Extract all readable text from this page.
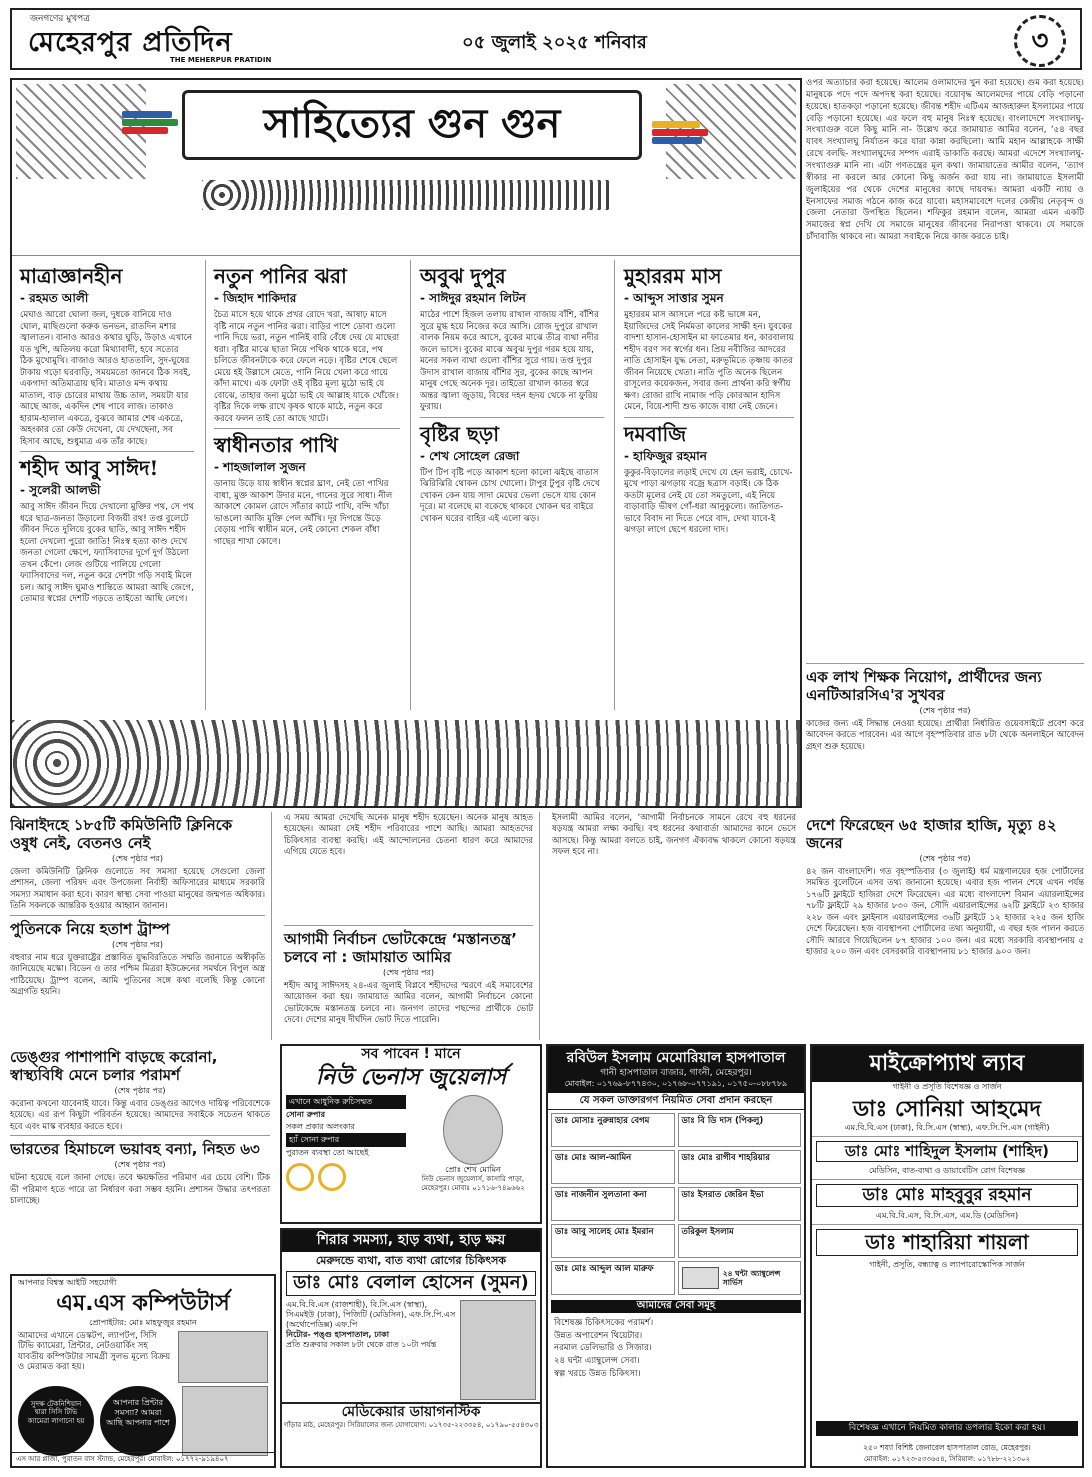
জনগণের মুখপত্র
মেহেরপুর প্রতিদিন
THE MEHERPUR PRATIDIN
০৫ জুলাই ২০২৫ শনিবার	৩
সাহিত্যের গুন গুন
মাত্রাজ্ঞানহীন
- রহমত আলী

মেঘাও আরো ঘোলা জল, দুধকে বানিয়ে দাও ঘোল, মাছিগুলো করুক ভনভন, রাতদিন মশার জ্বালাতন। বানাও আরও কথার ঘুড়ি, উড়াও এখানে যত খুশি, অতিলয় করো মিথ্যাবাদী, হবে সত্যের ঠিক মুখোমুখি। বাজাও আরও হাততালি, সুদ-ঘুষের টাকায় গড়ো ঘরবাড়ি, সময়মতো জানবে ঠিক সবই, একগাদা অতিমাত্রায় ছবি। মাতাও মন্দ কথায় মাতাল, বাড় চোরের মাথায় উচ্চ তাল, সময়টা যার আছে আজ, একদিন শেষ পাবে লাজ। তাকাও হারাম-হালাল একত্রে, বুঝবে আমার শেষ একত্রে, অহংকার তো কেউ দেখেনা, যে দেখছেনা, সব হিসাব আছে, শুধুমাত্র এক তাঁর কাছে।

শহীদ আবু সাঈদ!
- সুলেরী আলভী

আবু সাঈদ জীবন দিয়ে দেখালো মুক্তির পথ, সে পথ ধরে ছাত্র-জনতা উড়ালো বিজয়ী রথ! তপ্ত বুলেটে জীবন দিতে দুলিয়ে বুকের ছাতি, আবু সাঈদ শহীদ হলো দেখলো পুরো জাতি! নিঃস্ব হত্যা কাণ্ড দেখে জনতা গেলো ক্ষেপে, ফ্যাসিবাদের দুর্গে দুর্গ উঠলো তখন কেঁপে। লেজ গুটিয়ে পালিয়ে গেলো ফ্যাসিবাদের দল, নতুন করে দেশটা গড়ি সবাই মিলে চল। আবু সাঈদ ঘুমাও শান্তিতে আমরা আছি জেগে, তোমার স্বপ্নের দেশটি গড়তে তাইতো আছি লেগে।

নতুন পানির ঝরা
- জিহাদ শাকিদার

চৈত্র মাসে হয়ে থাকে প্রখর রোদে খরা, আষাঢ় মাসে বৃষ্টি নামে নতুন পানির ঝরা। বাড়ির পাশে ডোবা গুলো পানি দিয়ে ভরা, নতুন পানিই বারি বেঁধে দেয় যে মাছেরা ধরা। বৃষ্টির মাঝে ছাতা নিয়ে পথিক থাকে ঘরে, পথ চলিতে জীবনটাকে করে ফেলে নড়ে। বৃষ্টির শেষে ছেলে মেয়ে হই উল্লাসে মেতে, পানি নিয়ে খেলা করে গায়ে কাঁদা মাখে। এক ফোটা ওই বৃষ্টির মূল্য মুঠো ভাই যে বোঝে, তাহার জন্য মুঠো ভাই যে আল্লাহ যাকে খোঁজে। বৃষ্টির দিকে লক্ষ রাখে কৃষক থাকে মাঠে, নতুন করে করবে ফলন তাই তো আছে খাটে।

স্বাধীনতার পাখি
- শাহজালাল সুজন

ডানায় উড়ে যায় স্বাধীন স্বপ্নের ঘ্রাণ, নেই তো পাখির বাধা, মুক্ত আকাশ উদার মনে, গানের সুরে সাধা। নীল আকাশে কোমল রোদে সাঁতার কাটে পাখি, বন্দি খাঁচা ভাঙলো আজি মুক্তি পেল আঁখি। দূর দিগন্তে উড়ে বেড়ায় পাখি স্বাধীন মনে, নেই কোনো শেকল বাঁধা গাছের শাখা কোণে।

অবুঝ দুপুর
- সাঈদুর রহমান লিটন

মাঠের পাশে হিজল তলায় রাখাল বাজায় বাঁশি, বাঁশির সুরে মুগ্ধ হয়ে নিজের করে আসি। রোজ দুপুরে রাখাল বালক নিয়ম করে আসে, বুকের মাঝে তীব্র ব্যথা নদীর জলে ভাসে। বুকের মাঝে অবুঝ দুপুর গরম হয়ে যায়, মনের সকল ব্যথা গুলো বাঁশির সুরে গায়। তপ্ত দুপুর উদাস রাখাল বাজায় বাঁশির সুর, বুকের কাছে আপন মানুষ গেছে অনেক দূর। তাইতো রাখাল কাতর স্বরে অন্তর জ্বালা জুড়ায়, বিষের দহন হৃদয় থেকে না ফুরিয় ফুরায়।

বৃষ্টির ছড়া
- শেখ সোহেল রেজা

টিপ টিপ বৃষ্টি পড়ে আকাশ হলো কালো ঝইছে বাতাস ঝিরিঝিরি থোকন চোখ খোলো। টাপুর টুপুর বৃষ্টি দেখে খোকন কেন যায় সাদা মেঘের ভেলা ভেসে যায় কোন দূরে। মা বলেছে মা বকেছে থাকবে খোকন ঘর বাইরে খোকন ঘরের বাহির এই এলো ঝড়।

মুহাররম মাস
- আব্দুস সাত্তার সুমন

মুহাররম মাস আসলে পরে কষ্ট ভাঙ্গে মন, ইয়াজিদের সেই নির্মমতা কালের সাক্ষী হন। যুবকের বাদশা হাসান-হোসাইন মা ফাতেমার ধন, কারবালায় শহীদ বরণ সব স্বর্গের ধন। প্রিয় নবীজির আদরের নাতি হোসাইন যুদ্ধ নেতা, মরুভূমিতে তৃষ্ণায় কাতর জীবন নিয়েছে খেতা। নাতি পুতি অনেক ছিলেন রাসূলের কয়েকজন, সবার জন্য প্রার্থনা করি স্বর্গীয় ক্ষণ। রোজা রাখি নামাজ পড়ি কোরআন হাদিস মেনে, বিয়ে-শাদী শুভ কাজে বাধা নেই জেনে।

দমবাজি
- হাফিজুর রহমান

কুকুর-বিড়ালের লড়াই দেখে যে হেন ভরাই, চোখে-মুখে পাড়া ঝগড়ায় বজ্রে ছত্রাস বড়াই। কে ঠিক কতটা মূলের নেই যে তো সমতুল্যে, এই নিয়ে বাড়াবাড়ি ভীষণ গোঁ-ধরা আনুকুল্যে। জাতিগত-ভাবে বিবাদ না দিতে পেরে বাদ, দেখা যাবে-ই ঝগড়া লাগে ছেপে ধরলো দাদ।

ওপর অত্যাচার করা হয়েছে। আলেম ওলামাদের খুন করা হয়েছে। গুম করা হয়েছে। মানুষকে পদে পদে অপদস্থ করা হয়েছে। বয়োবৃদ্ধ আলেমদের পায়ে বেড়ি পড়ানো হয়েছে। হাতকড়া পড়ানো হয়েছে। জীবন্ত শহীদ এটিএম আজহারুল ইসলামের পায়ে বেড়ি পড়ানো হয়েছে। এর ফলে বহু মানুষ নিঃস্ব হয়েছে। বাংলাদেশে সংখ্যালঘু-সংখ্যাগুরু বলে কিছু মানি না- উল্লেখ করে জামায়াত আমির বলেন, ‘৫৪ বছর যাবৎ সংখ্যালঘু নির্যাতন করে যারা কান্না করছিলো। আমি মহান আল্লাহকে সাক্ষী রেখে বলছি- সংখ্যালঘুদের সম্পদ এরাই ডাকাতি করছে। আমরা এদেশে সংখ্যালঘু-সংখ্যাগুরু মানি না। এটা গণতন্ত্রের মূল কথা। জামায়াতের আমীর বলেন, ‘ত্যাগ স্বীকার না করলে আর কোনো কিছু অর্জন করা যায় না। জামায়াতে ইসলামী জুলাইয়ের পর থেকে দেশের মানুষের কাছে দায়বদ্ধ। আমরা একটি ন্যায় ও ইনসাফের সমাজ গঠনে কাজ করে যাবো। মহাসমাবেশে দলের কেন্দ্রীয় নেতৃবৃন্দ ও জেলা নেতারা উপস্থিত ছিলেন। শফিকুর রহমান বলেন, আমরা এমন একটি সমাজের স্বপ্ন দেখি যে সমাজে মানুষের জীবনের নিরাপত্তা থাকবে। যে সমাজে চাঁদাবাজি থাকবে না। আমরা সবাইকে নিয়ে কাজ করতে চাই।

এক লাখ শিক্ষক নিয়োগ, প্রার্থীদের জন্য এনটিআরসিএ'র সুখবর
(শেষ পৃষ্ঠার পর)

কাজের জন্য এই সিদ্ধান্ত নেওয়া হয়েছে। প্রার্থীরা নির্ধারিত ওয়েবসাইটে প্রবেশ করে আবেদন করতে পারবেন। এর আগে বৃহস্পতিবার রাত ৮টা থেকে অনলাইনে আবেদন গ্রহণ শুরু হয়েছে।

ঝিনাইদহে ১৮৫টি কমিউনিটি ক্লিনিকে ওষুধ নেই, বেতনও নেই
(শেষ পৃষ্ঠার পর)

জেলা কমিউনিটি ক্লিনিক গুলোতে সব সমস্যা হয়েছে সেগুলো জেলা প্রশাসন, জেলা পরিষদ এবং উপজেলা নির্বাহী অফিসারের মাধ্যমে সরকারি সমস্যা সমাধান করা হবে। কারণ স্বাস্থ্য সেবা পাওয়া মানুষের জন্মগত অধিকার। তিনি সকলকে আন্তরিক হওয়ার আহ্বান জানান।

পুতিনকে নিয়ে হতাশ ট্রাম্প
(শেষ পৃষ্ঠার পর)

বহুবার নাম ধরে যুক্তরাষ্ট্রের প্রস্তাবিত যুদ্ধবিরতিতে সম্মতি জানাতে অস্বীকৃতি জানিয়েছে মস্কো। বিডেন ও তার পশ্চিম মিত্ররা ইউক্রেনের সমর্থনে বিপুল অস্ত্র পাঠিয়েছে। ট্রাম্প বলেন, আমি পুতিনের সঙ্গে কথা বলেছি কিন্তু কোনো অগ্রগতি হয়নি।

এ সময় আমরা দেখেছি অনেক মানুষ শহীদ হয়েছেন। অনেক মানুষ আহত হয়েছেন। আমরা সেই শহীদ পরিবারের পাশে আছি। আমরা আহতদের চিকিৎসার ব্যবস্থা করছি। এই আন্দোলনের চেতনা ধারণ করে আমাদের এগিয়ে যেতে হবে।

আগামী নির্বাচন ভোটকেন্দ্রে ‘মস্তানতন্ত্র’ চলবে না : জামায়াত আমির
(শেষ পৃষ্ঠার পর)

শহীদ আবু সাঈদসহ ২৪-এর জুলাই বিপ্লবে শহীদদের স্মরণে এই সমাবেশের আয়োজন করা হয়। জামায়াত আমির বলেন, আগামী নির্বাচনে কোনো ভোটকেন্দ্রে মস্তানতন্ত্র চলবে না। জনগণ তাদের পছন্দের প্রার্থীকে ভোট দেবে। দেশের মানুষ দীর্ঘদিন ভোট দিতে পারেনি।

ইসলামী আমির বলেন, ‘আগামী নির্বাচনকে সামনে রেখে বহু ধরনের ষড়যন্ত্র আমরা লক্ষ্য করছি। বহু ধরনের কথাবার্তা আমাদের কানে ভেসে আসছে। কিন্তু আমরা বলতে চাই, জনগণ ঐক্যবদ্ধ থাকলে কোনো ষড়যন্ত্র সফল হবে না।

দেশে ফিরেছেন ৬৫ হাজার হাজি, মৃত্যু ৪২ জনের
(শেষ পৃষ্ঠার পর)

৪২ জন বাংলাদেশি। গত বৃহস্পতিবার (৩ জুলাই) ধর্ম মন্ত্রণালয়ের হজ পোর্টালের সমন্বিত বুলেটিনে এসব তথ্য জানানো হয়েছে। এবার হজ পালন শেষে এখন পর্যন্ত ১৭৬টি ফ্লাইটে হাজিরা দেশে ফিরেছেন। এর মধ্যে বাংলাদেশ বিমান এয়ারলাইন্সের ৭৮টি ফ্লাইটে ২৯ হাজার ৮৩০ জন, সৌদি এয়ারলাইন্সের ৬২টি ফ্লাইটে ২৩ হাজার ২২৮ জন এবং ফ্লাইনাস এয়ারলাইন্সের ৩৬টি ফ্লাইটে ১২ হাজার ২২৫ জন হাজি দেশে ফিরেছেন। হজ ব্যবস্থাপনা পোর্টালের তথ্য অনুযায়ী, এ বছর হজ পালন করতে সৌদি আরবে গিয়েছিলেন ৮৭ হাজার ১০০ জন। এর মধ্যে সরকারি ব্যবস্থাপনায় ৫ হাজার ২০০ জন এবং বেসরকারি ব্যবস্থাপনায় ৮১ হাজার ৯০০ জন।

ডেঙ্গুর পাশাপাশি বাড়ছে করোনা, স্বাস্থ্যবিধি মেনে চলার পরামর্শ
(শেষ পৃষ্ঠার পর)

করোনা কখনো যাবেনাই যাবে। কিন্তু এবার ডেঙ্গুর আগেও দায়িত্ব পরিবেশেকে হয়েছে। এর রূপ কিছুটা পরিবর্তন হয়েছে। আমাদের সবাইকে সচেতন থাকতে হবে এবং মাস্ক ব্যবহার করতে হবে।

ভারতের হিমাচলে ভয়াবহ বন্যা, নিহত ৬৩
(শেষ পৃষ্ঠার পর)

ঘটনা হয়েছে বলে জানা গেছে। তবে ক্ষয়ক্ষতির পরিমাণ এর চেয়ে বেশি। টিক ভী পরিমাণ হতে পারে তা নির্ধারণ করা সম্ভব হয়নি। প্রশাসন উদ্ধার তৎপরতা চালাচ্ছে।

আপনার বিশ্বস্ত আইটি সহযোগী
এম.এস কম্পিউটার্স
প্রোপাইটার: মোঃ মাহফুজুর রহমান
আমাদের এখানে ডেস্কটপ, ল্যাপটপ, সিসি টিভি ক্যামেরা, প্রিন্টার, নেটওয়ার্কিং সহ যাবতীয় কম্পিউটার সামগ্রী সুলভ মূল্যে বিক্রয় ও মেরামত করা হয়।
সুদক্ষ টেকনিশিয়ান দ্বারা সিসি টিভি ক্যামেরা লাগানো হয়
আপনার প্রিন্টার সমস্যা? আমরা আছি আপনার পাশে
এস আর প্লাজা, পুরাতন বাস স্ট্যান্ড, মেহেরপুর। মোবাইল: ০১৭৭২-৯১৯৪০৭
সব পাবেন ! মানে
নিউ ভেনাস জুয়েলার্স
এখানে আধুনিক রুচিসম্মত
সোনা রুপার
সকল প্রকার অলংকার
হ্যাঁ সোনা রুপার
পুরাতন ব্যবস্থা তো আছেই
প্রোঃ শেখ মোমিন
নিউ ভেনাস জুয়েলার্স, কাসারি পাড়া, মেহেরপুর। মোবাঃ ০১৭১৬-৭৪৯৬৬২
শিরার সমস্যা, হাড় ব্যথা, হাড় ক্ষয়
মেরুদন্ডে ব্যথা, বাত ব্যথা রোগের চিকিৎসক
ডাঃ মোঃ বেলাল হোসেন (সুমন)
এম.বি.বি.এস (রাজশাহী), বি.সি.এস (স্বাস্থ্য), সিএমইউ (ঢাকা), পিজিটি (মেডিসিন), এফ.সি.পি.এস (অর্থোপেডিক্স) এফ.পি
নিটোর- পঙ্গু হাসপাতাল, ঢাকা
প্রতি শুক্রবার সকাল ৮টা থেকে রাত ১০টা পর্যন্ত
মেডিকেয়ার ডায়াগনস্টিক
গাঁড়ার মাঠ, মেহেরপুর। সিরিয়ালের জন্য যোগাযোগ: ০১৭৩৫-২২৩৩৫৪, ০১৭৯০-৫৫৪৩০৩
রবিউল ইসলাম মেমোরিয়াল হাসপাতাল
গানী হাসপাতাল বাজার, গাংনী, মেহেরপুর।
মোবাইল: ০১৭৬৯-৮৭৭৪৩০, ০১৭৬৮-০৭৭১৯১, ০১৭৫০-০৮৮৭৮৯
যে সকল ডাক্তারগণ নিয়মিত সেবা প্রদান করছেন
ডাঃ মোসাঃ নুরুন্নাহার বেগম	ডাঃ বি ডি দাস (পিকলু)
ডাঃ মোঃ আল-আমিন	ডাঃ মোঃ রাগীব শাহরিয়ার
ডাঃ নাজনীন সুলতানা কনা	ডাঃ ইসরাত জেরিন ইভা
ডাঃ আবু সালেহ মোঃ ইমরান	তরিকুল ইসলাম
ডাঃ মোঃ আব্দুল আল মারুফ	২৪ ঘন্টা অ্যাম্বুলেন্স সার্ভিস
আমাদের সেবা সমূহ
বিশেষজ্ঞ চিকিৎসকের পরামর্শ।
উন্নত অপারেশন থিয়েটার।
নরমাল ডেলিভারি ও সিজার।
২৪ ঘন্টা এ্যাম্বুলেন্স সেবা।
স্বল্প খরচে উন্নত চিকিৎসা।
মাইক্রোপ্যাথ ল্যাব
গাইনী ও প্রসূতি বিশেষজ্ঞ ও সার্জন
ডাঃ সোনিয়া আহমেদ
এম.বি.বি.এস (ঢাকা), বি.সি.এস (স্বাস্থ্য), এফ.সি.পি.এস (গাইনী)
ডাঃ মোঃ শাহিদুল ইসলাম (শাহিদ)
মেডিসিন, বাত-ব্যথা ও ডায়াবেটিস রোগ বিশেষজ্ঞ
ডাঃ মোঃ মাহবুবুর রহমান
এম.বি.বি.এস, বি.সি.এস, এম.ডি (মেডিসিন)
ডাঃ শাহারিয়া শায়লা
গাইনী, প্রসূতি, বন্ধ্যাত্ব ও ল্যাপারোস্কোপিক সার্জন
বিশেষজ্ঞ এখানে নিয়মিত কালার ডপলার ইকো করা হয়।
২৫০ শয্যা বিশিষ্ট জেনারেল হাসপাতাল রোড, মেহেরপুর।
মোবাইল: ০১৭২৩-৫৩৩৬৫৪, সিরিয়াল: ০১৭৮৮-২২১৩০২
